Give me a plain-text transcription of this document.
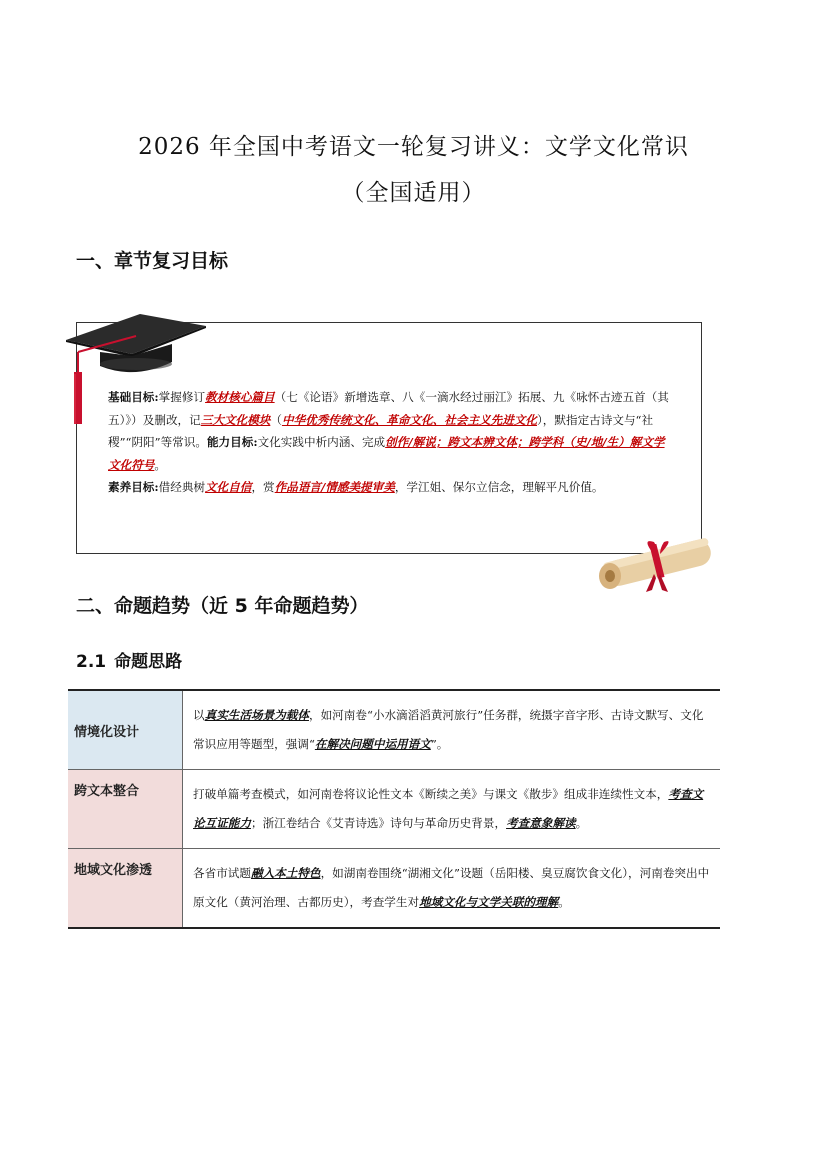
2026 年全国中考语文一轮复习讲义：文学文化常识
（全国适用）
一、章节复习目标
基础目标:掌握修订教材核心篇目（七《论语》新增选章、八《一滴水经过丽江》拓展、九《咏怀古迹五首（其五）》）及删改，记三大文化模块（中华优秀传统文化、革命文化、社会主义先进文化），默指定古诗文与“社稷”“阴阳”等常识。能力目标:文化实践中析内涵、完成创作/解说；跨文本辨文体；跨学科（史/地/生）解文学文化符号。
素养目标:借经典树文化自信，赏作品语言/情感美提审美，学江姐、保尔立信念，理解平凡价值。
二、命题趋势（近 5 年命题趋势）
2.1 命题思路
情境化设计	以真实生活场景为载体，如河南卷“小水滴滔滔黄河旅行”任务群，统摄字音字形、古诗文默写、文化常识应用等题型，强调“在解决问题中运用语文”。
跨文本整合	打破单篇考查模式，如河南卷将议论性文本《断续之美》与课文《散步》组成非连续性文本，考查文论互证能力；浙江卷结合《艾青诗选》诗句与革命历史背景，考查意象解读。
地域文化渗透	各省市试题融入本土特色，如湖南卷围绕“湖湘文化”设题（岳阳楼、臭豆腐饮食文化），河南卷突出中原文化（黄河治理、古都历史），考查学生对地域文化与文学关联的理解。
